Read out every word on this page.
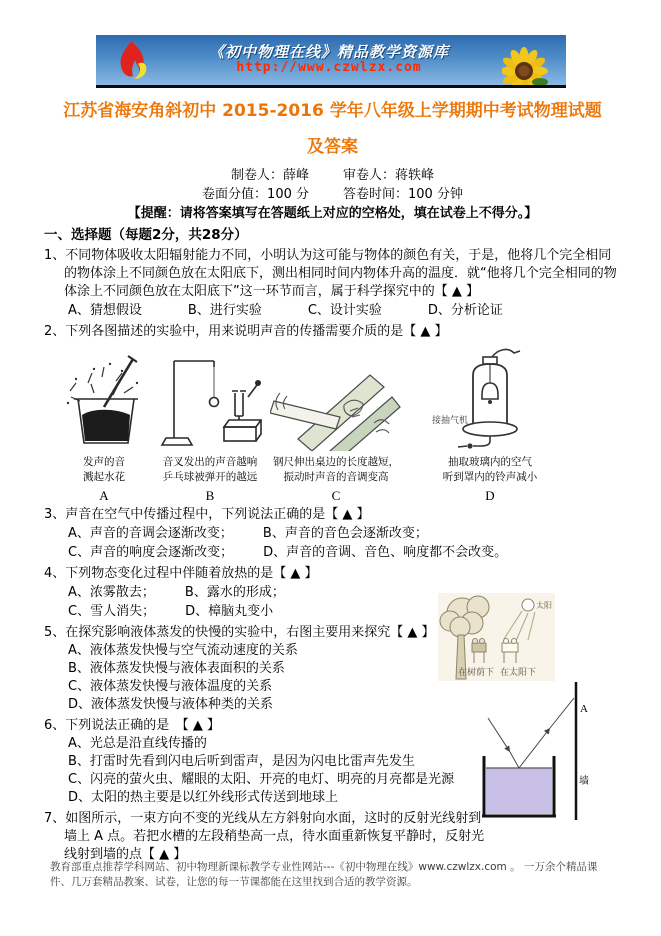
《初中物理在线》精品教学资源库
http://www.czwlzx.com
江苏省海安角斜初中 2015-2016 学年八年级上学期期中考试物理试题及答案
制卷人：薛峰	审卷人：蒋轶峰
卷面分值：100 分	答卷时间：100 分钟
【提醒：请将答案填写在答题纸上对应的空格处，填在试卷上不得分。】
一、选择题（每题2分，共28分）
1、不同物体吸收太阳辐射能力不同，小明认为这可能与物体的颜色有关，于是，他将几个完全相同的物体涂上不同颜色放在太阳底下，测出相同时间内物体升高的温度．就“他将几个完全相同的物体涂上不同颜色放在太阳底下”这一环节而言，属于科学探究中的【 ▲ 】
A、猜想假设	B、进行实验	C、设计实验	D、分析论证
2、下列各图描述的实验中，用来说明声音的传播需要介质的是【 ▲ 】
发声的音
溅起水花
A
音叉发出的声音越响
乒乓球被弹开的越远
B
钢尺伸出桌边的长度越短，
振动时声音的音调变高
C
接抽气机
抽取玻璃内的空气
听到罩内的铃声减小
D
3、声音在空气中传播过程中，下列说法正确的是【 ▲ 】
A、声音的音调会逐渐改变； B、声音的音色会逐渐改变；
C、声音的响度会逐渐改变； D、声音的音调、音色、响度都不会改变。
4、下列物态变化过程中伴随着放热的是【 ▲ 】
A、浓雾散去； B、露水的形成；
C、雪人消失； D、樟脑丸变小
5、在探究影响液体蒸发的快慢的实验中，右图主要用来探究【 ▲ 】
A、液体蒸发快慢与空气流动速度的关系
B、液体蒸发快慢与液体表面积的关系
C、液体蒸发快慢与液体温度的关系
D、液体蒸发快慢与液体种类的关系
6、下列说法正确的是　【 ▲ 】
A、光总是沿直线传播的
B、打雷时先看到闪电后听到雷声，是因为闪电比雷声先发生
C、闪亮的萤火虫、耀眼的太阳、开亮的电灯、明亮的月亮都是光源
D、太阳的热主要是以红外线形式传送到地球上
7、如图所示，一束方向不变的光线从左方斜射向水面，这时的反射光线射到墙上 A 点。若把水槽的左段稍垫高一点，待水面重新恢复平静时，反射光线射到墙的点【 ▲ 】
太阳
在树荫下 在太阳下
A
墙
教育部重点推荐学科网站、初中物理新课标教学专业性网站---《初中物理在线》www.czwlzx.com 。 一万余个精品课件、几万套精品教案、试卷，让您的每一节课都能在这里找到合适的教学资源。
